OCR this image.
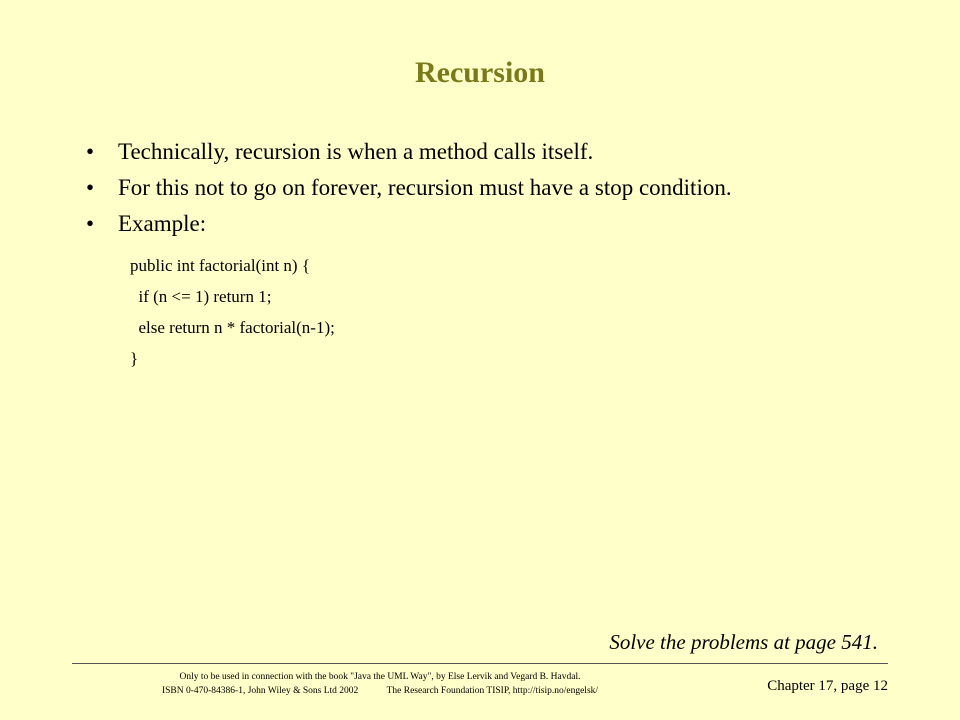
Recursion
• Technically, recursion is when a method calls itself.
• For this not to go on forever, recursion must have a stop condition.
• Example:
public int factorial(int n) {
if (n <= 1) return 1;
else return n * factorial(n-1);
}
Solve the problems at page 541.
Only to be used in connection with the book "Java the UML Way", by Else Lervik and Vegard B. Havdal.
ISBN 0-470-84386-1, John Wiley & Sons Ltd 2002            The Research Foundation TISIP, http://tisip.no/engelsk/	Chapter 17, page 12
